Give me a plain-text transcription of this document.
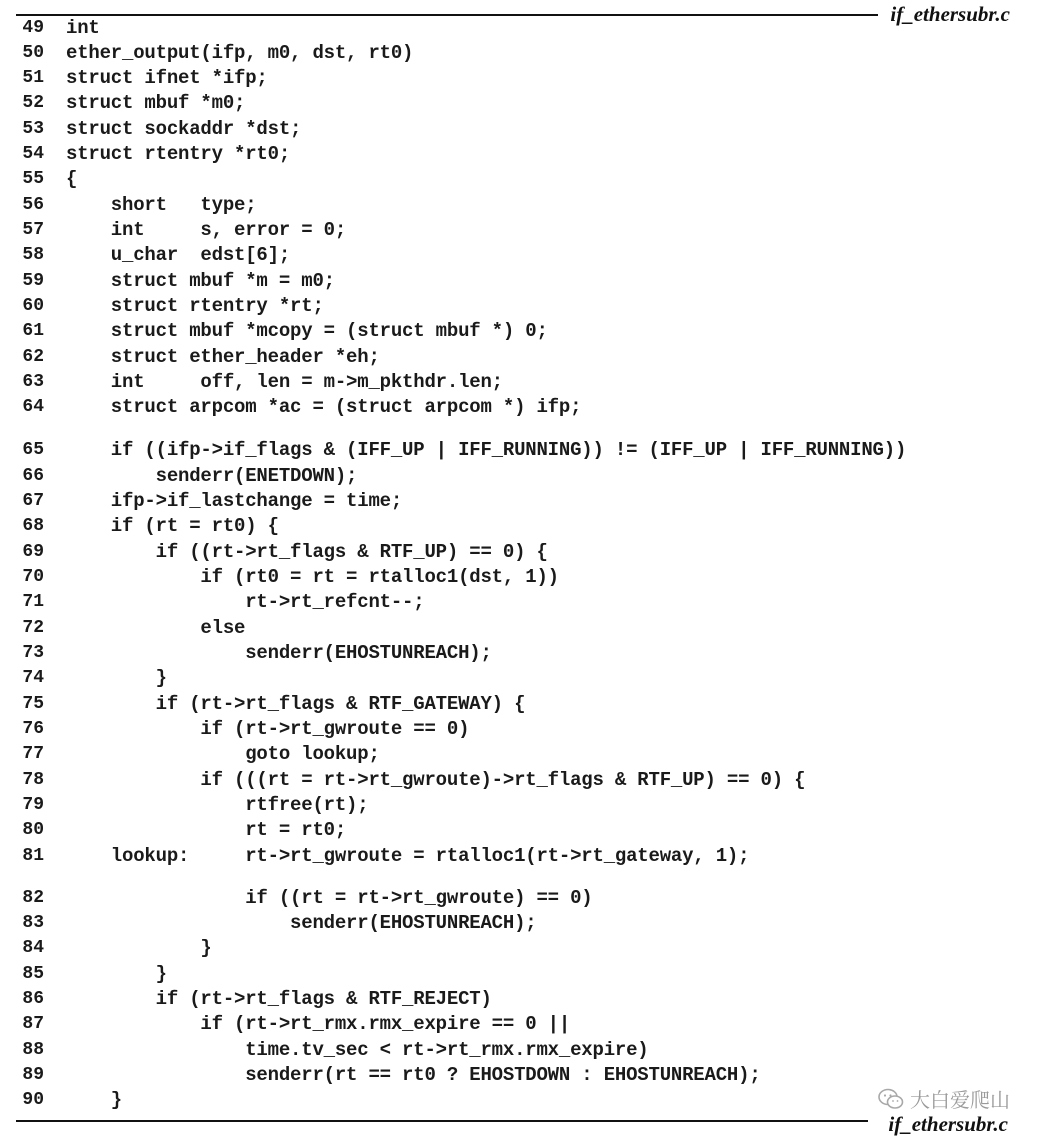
if_ethersubr.c
49 int
50 ether_output(ifp, m0, dst, rt0)
51 struct ifnet *ifp;
52 struct mbuf *m0;
53 struct sockaddr *dst;
54 struct rtentry *rt0;
55 {
56 short   type;
57 int     s, error = 0;
58 u_char  edst[6];
59 struct mbuf *m = m0;
60 struct rtentry *rt;
61 struct mbuf *mcopy = (struct mbuf *) 0;
62 struct ether_header *eh;
63 int     off, len = m->m_pkthdr.len;
64 struct arpcom *ac = (struct arpcom *) ifp;
65 if ((ifp->if_flags & (IFF_UP | IFF_RUNNING)) != (IFF_UP | IFF_RUNNING))
66 senderr(ENETDOWN);
67 ifp->if_lastchange = time;
68 if (rt = rt0) {
69 if ((rt->rt_flags & RTF_UP) == 0) {
70 if (rt0 = rt = rtalloc1(dst, 1))
71 rt->rt_refcnt--;
72 else
73 senderr(EHOSTUNREACH);
74 }
75 if (rt->rt_flags & RTF_GATEWAY) {
76 if (rt->rt_gwroute == 0)
77 goto lookup;
78 if (((rt = rt->rt_gwroute)->rt_flags & RTF_UP) == 0) {
79 rtfree(rt);
80 rt = rt0;
81 lookup:     rt->rt_gwroute = rtalloc1(rt->rt_gateway, 1);
82 if ((rt = rt->rt_gwroute) == 0)
83 senderr(EHOSTUNREACH);
84 }
85 }
86 if (rt->rt_flags & RTF_REJECT)
87 if (rt->rt_rmx.rmx_expire == 0 ||
88 time.tv_sec < rt->rt_rmx.rmx_expire)
89 senderr(rt == rt0 ? EHOSTDOWN : EHOSTUNREACH);
90 }	大白爱爬山
if_ethersubr.c
